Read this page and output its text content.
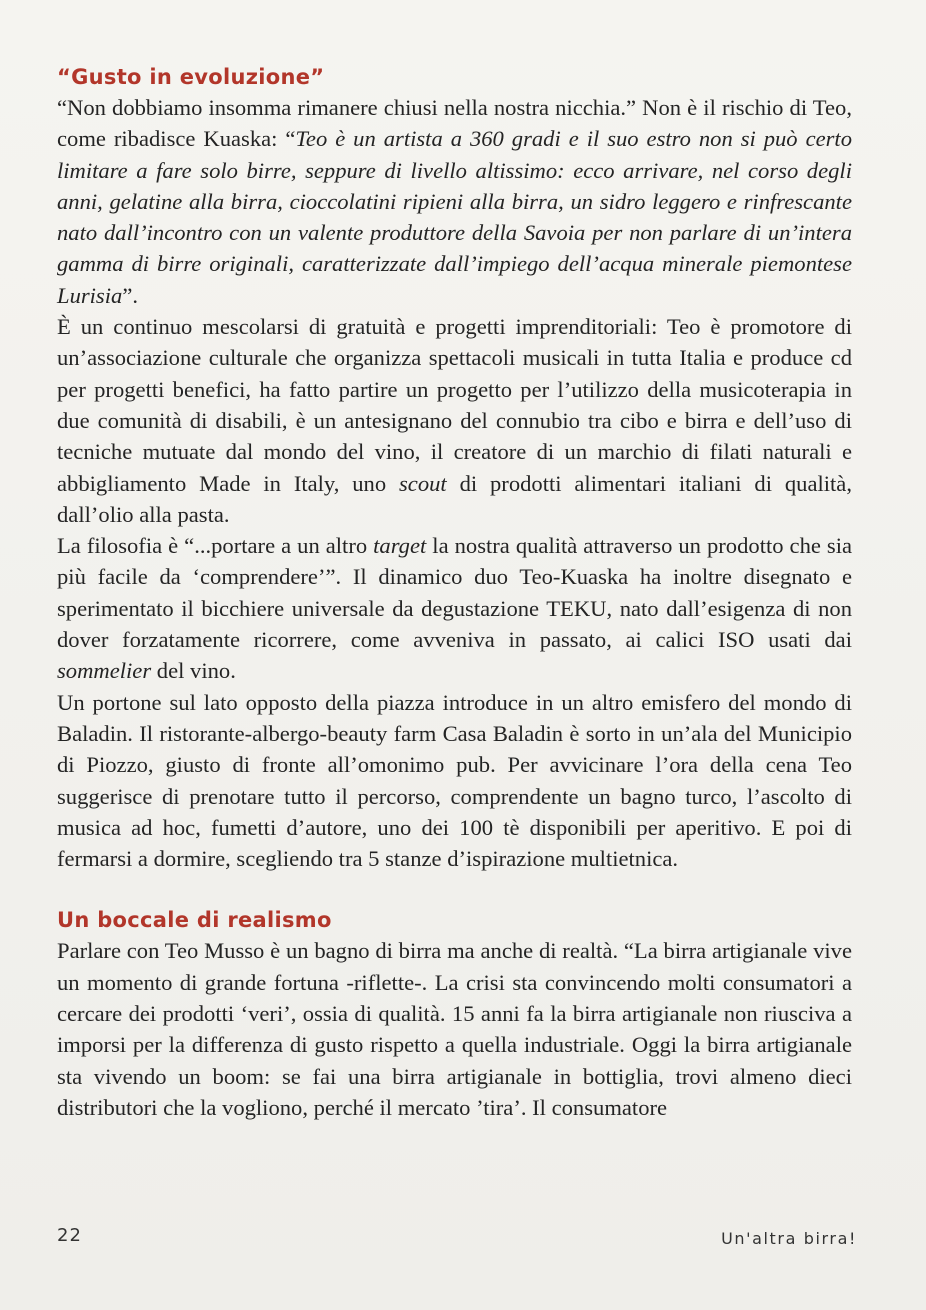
“Gusto in evoluzione”

“Non dobbiamo insomma rimanere chiusi nella nostra nicchia.” Non è il rischio di Teo, come ribadisce Kuaska: “Teo è un artista a 360 gradi e il suo estro non si può certo limitare a fare solo birre, seppure di livello altissimo: ecco arrivare, nel corso degli anni, gelatine alla birra, cioccolatini ripieni alla birra, un sidro leggero e rinfrescante nato dall’incontro con un valente produttore della Savoia per non parlare di un’intera gamma di birre originali, caratterizzate dall’impiego dell’acqua minerale piemontese Lurisia”.

È un continuo mescolarsi di gratuità e progetti imprenditoriali: Teo è promotore di un’associazione culturale che organizza spettacoli musicali in tutta Italia e produce cd per progetti benefici, ha fatto partire un progetto per l’utilizzo della musicoterapia in due comunità di disabili, è un antesignano del connubio tra cibo e birra e dell’uso di tecniche mutuate dal mondo del vino, il creatore di un marchio di filati naturali e abbigliamento Made in Italy, uno scout di prodotti alimentari italiani di qualità, dall’olio alla pasta.

La filosofia è “...portare a un altro target la nostra qualità attraverso un prodotto che sia più facile da ‘comprendere’”. Il dinamico duo Teo-Kuaska ha inoltre disegnato e sperimentato il bicchiere universale da degustazione TEKU, nato dall’esigenza di non dover forzatamente ricorrere, come avveniva in passato, ai calici ISO usati dai sommelier del vino.

Un portone sul lato opposto della piazza introduce in un altro emisfero del mondo di Baladin. Il ristorante-albergo-beauty farm Casa Baladin è sorto in un’ala del Municipio di Piozzo, giusto di fronte all’omonimo pub. Per avvicinare l’ora della cena Teo suggerisce di prenotare tutto il percorso, comprendente un bagno turco, l’ascolto di musica ad hoc, fumetti d’autore, uno dei 100 tè disponibili per aperitivo. E poi di fermarsi a dormire, scegliendo tra 5 stanze d’ispirazione multietnica.

Un boccale di realismo

Parlare con Teo Musso è un bagno di birra ma anche di realtà. “La birra artigianale vive un momento di grande fortuna -riflette-. La crisi sta convincendo molti consumatori a cercare dei prodotti ‘veri’, ossia di qualità. 15 anni fa la birra artigianale non riusciva a imporsi per la differenza di gusto rispetto a quella industriale. Oggi la birra artigianale sta vivendo un boom: se fai una birra artigianale in bottiglia, trovi almeno dieci distributori che la vogliono, perché il mercato ’tira’. Il consumatore

22	Un'altra birra!
